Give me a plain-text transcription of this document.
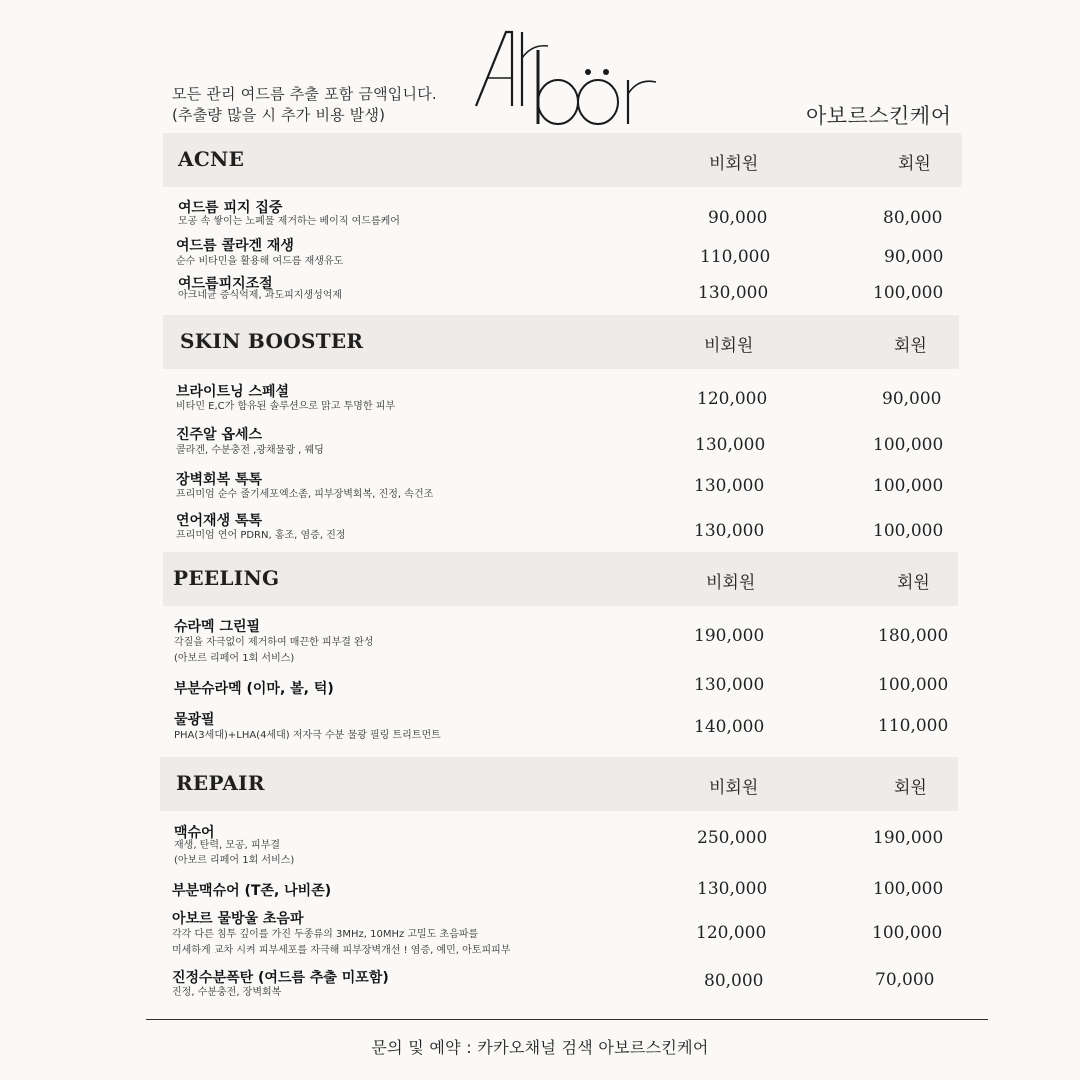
모든 관리 여드름 추출 포함 금액입니다.
(추출량 많을 시 추가 비용 발생)	아보르스킨케어
ACNE	비회원	회원
여드름 피지 집중
모공 속 쌓이는 노폐물 제거하는 베이직 여드름케어	90,000	80,000
여드름 콜라겐 재생
순수 비타민을 활용해 여드름 재생유도	110,000	90,000
여드름피지조절
아크네균 증식억제, 과도피지생성억제	130,000	100,000
SKIN BOOSTER	비회원	회원
브라이트닝 스페셜
비타민 E,C가 함유된 솔루션으로 맑고 투명한 피부	120,000	90,000
진주알 옵세스
콜라겐, 수분충전 ,광채물광 , 웨딩	130,000	100,000
장벽회복 톡톡
프리미엄 순수 줄기세포엑소좀, 피부장벽회복, 진정, 속건조	130,000	100,000
연어재생 톡톡
프리미엄 연어 PDRN, 홍조, 염증, 진정	130,000	100,000
PEELING	비회원	회원
슈라멕 그린필
각질을 자극없이 제거하여 매끈한 피부결 완성
(아보르 리페어 1회 서비스)
190,000	180,000
부분슈라멕 (이마, 볼, 턱)	130,000	100,000
물광필
PHA(3세대)+LHA(4세대) 저자극 수분 물광 필링 트리트먼트	140,000	110,000
REPAIR	비회원	회원
맥슈어
재생, 탄력, 모공, 피부결
(아보르 리페어 1회 서비스)
250,000	190,000
부분맥슈어 (T존, 나비존)	130,000	100,000
아보르 물방울 초음파
각각 다른 침투 깊이를 가진 두종류의 3MHz, 10MHz 고밀도 초음파를
미세하게 교차 시켜 피부세포를 자극해 피부장벽개선 ! 염증, 예민, 아토피피부
120,000	100,000
진정수분폭탄 (여드름 추출 미포함)
진정, 수분충전, 장벽회복
80,000	70,000
문의 및 예약 : 카카오채널 검색 아보르스킨케어
